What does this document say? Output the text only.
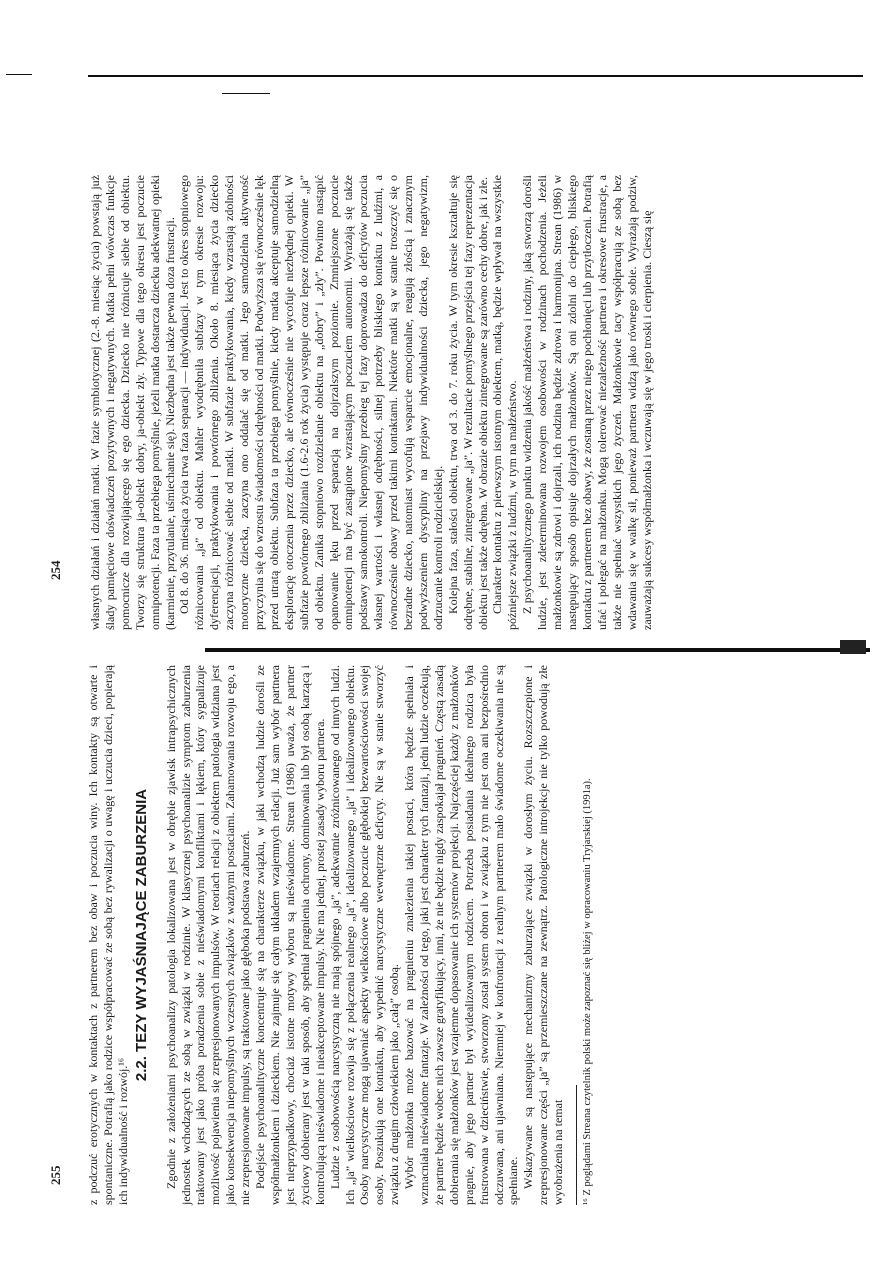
własnych działań i działań matki. W fazie symbiotycznej (2.-8. miesiąc życia) powstają już ślady pamięciowe doświadczeń pozytywnych i negatywnych. Matka pełni wówczas funkcje pomocnicze dla rozwijającego się ego dziecka. Dziecko nie różnicuje siebie od obiektu. Tworzy się struktura ja-obiekt dobry, ja-obiekt zły. Typowe dla tego okresu jest poczucie omnipotencji. Faza ta przebiega pomyślnie, jeżeli matka dostarcza dziecku adekwatnej opieki (karmienie, przytulanie, uśmiechanie się). Niezbędna jest także pewna doza frustracji. Od 8. do 36. miesiąca życia trwa faza separacji — indywiduacji. Jest to okres stopniowego różnicowania „ja” od obiektu. Mahler wyodrębniła subfazy w tym okresie rozwoju: dyferencjacji, praktykowania i powtórnego zbliżenia. Około 8. miesiąca życia dziecko zaczyna różnicować siebie od matki. W subfazie praktykowania, kiedy wzrastają zdolności motoryczne dziecka, zaczyna ono oddalać się od matki. Jego samodzielna aktywność przyczynia się do wzrostu świadomości odrębności od matki. Podwyższa się równocześnie lęk przed utratą obiektu. Subfaza ta przebiega pomyślnie, kiedy matka akceptuje samodzielną eksplorację otoczenia przez dziecko, ale równocześnie nie wycofuje niezbędnej opieki. W subfazie powtórnego zbliżania (1.6-2.6 rok życia) występuje coraz lepsze różnicowanie „ja” od obiektu. Zanika stopniowo rozdzielanie obiektu na „dobry” i „zły”. Powinno nastąpić opanowanie lęku przed separacją na dojrzalszym poziomie. Zmniejszone poczucie omnipotencji ma być zastąpione wzrastającym poczuciem autonomii. Wyrażają się także podstawy samokontroli. Niepomyślny przebieg tej fazy doprowadza do deficytów poczucia własnej wartości i własnej odrębności, silnej potrzeby bliskiego kontaktu z ludźmi, a równocześnie obawy przed takimi kontaktami. Niektóre matki są w stanie troszczyć się o bezradne dziecko, natomiast wycofują wsparcie emocjonalne, reagują złością i znacznym podwyższeniem dyscypliny na przejawy indywidualności dziecka, jego negatywizm, odrzucanie kontroli rodzicielskiej. Kolejna faza, stałości obiektu, trwa od 3. do 7. roku życia. W tym okresie kształtuje się odrębne, stabilne, zintegrowane „ja”. W rezultacie pomyślnego przejścia tej fazy reprezentacja obiektu jest także odrębna. W obrazie obiektu zintegrowane są zarówno cechy dobre, jak i złe. Charakter kontaktu z pierwszym istotnym obiektem, matką, będzie wpływał na wszystkie późniejsze związki z ludźmi, w tym na małżeństwo. Z psychoanalitycznego punktu widzenia jakość małżeństwa i rodziny, jaką stworzą dorośli ludzie, jest zdeterminowana rozwojem osobowości w rodzinach pochodzenia. Jeżeli małżonkowie są zdrowi i dojrzali, ich rodzina będzie zdrowa i harmonijna. Strean (1986) w następujący sposób opisuje dojrzałych małżonków. Są oni zdolni do ciepłego, bliskiego kontaktu z partnerem bez obawy, że zostaną przez niego pochłonięci lub przytłoczeni. Potrafią ufać i polegać na małżonku. Mogą tolerować niezależność partnera i okresowe frustracje, a także nie spełniać wszystkich jego życzeń. Małżonkowie tacy współpracują ze sobą bez wdawania się w walkę sił, ponieważ partnera widzą jako równego sobie. Wyrażają podziw, zauważają sukcesy współmałżonka i wczuwają się w jego troski i cierpienia. Cieszą się

254

z podczuć erotycznych w kontaktach z partnerem bez obaw i poczucia winy. Ich kontakty są otwarte i spontaniczne. Potrafią jako rodzice współpracować ze sobą bez rywalizacji o uwagę i uczucia dzieci, popierają ich indywidualność i rozwój.¹⁶

2.2. TEZY WYJAŚNIAJĄCE ZABURZENIA Zgodnie z założeniami psychoanalizy patologia lokalizowana jest w obrębie zjawisk intrapsychicznych jednostek wchodzących ze sobą w związki w rodzinie. W klasycznej psychoanalizie symptom zaburzenia traktowany jest jako próba poradzenia sobie z nieświadomymi konfliktami i lękiem, który sygnalizuje możliwość pojawienia się zrepresjonowanych impulsów. W teoriach relacji z obiektem patologia widziana jest jako konsekwencja niepomyślnych wczesnych związków z ważnymi postaciami. Zahamowania rozwoju ego, a nie zrepresjonowane impulsy, są traktowane jako głęboka podstawa zaburzeń. Podejście psychoanalityczne koncentruje się na charakterze związku, w jaki wchodzą ludzie dorośli ze współmałżonkiem i dzieckiem. Nie zajmuje się całym układem wzajemnych relacji. Już sam wybór partnera jest nieprzypadkowy, chociaż istotne motywy wyboru są nieświadome. Strean (1986) uważa, że partner życiowy dobierany jest w taki sposób, aby spełniał pragnienia ochrony, dominowania lub był osobą karzącą i kontrolującą nieświadome i nieakceptowane impulsy. Nie ma jednej, prostej zasady wyboru partnera. Ludzie z osobowością narcystyczną nie mają spójnego „ja”, adekwatnie zróżnicowanego od innych ludzi. Ich „ja” wielkościowe rozwija się z połączenia realnego „ja”, idealizowanego „ja” i idealizowanego obiektu. Osoby narcystyczne mogą ujawniać aspekty wielkościowe albo poczucie głębokiej bezwartościowości swojej osoby. Poszukują one kontaktu, aby wypełnić narcystyczne wewnętrzne deficyty. Nie są w stanie stworzyć związku z drugim człowiekiem jako „całą” osobą. Wybór małżonka może bazować na pragnieniu znalezienia takiej postaci, która będzie spełniała i wzmacniała nieświadome fantazje. W zależności od tego, jaki jest charakter tych fantazji, jedni ludzie oczekują, że partner będzie wobec nich zawsze gratyfikujący, inni, że nie będzie nigdy zaspokajał pragnień. Częstą zasadą dobierania się małżonków jest wzajemne dopasowanie ich systemów projekcji. Najczęściej każdy z małżonków pragnie, aby jego partner był wyidealizowanym rodzicem. Potrzeba posiadania idealnego rodzica była frustrowana w dzieciństwie, stworzony został system obron i w związku z tym nie jest ona ani bezpośrednio odczuwana, ani ujawniana. Niemniej w konfrontacji z realnym partnerem mało świadome oczekiwania nie są spełniane. Wskazywane są następujące mechanizmy zaburzające związki w dorosłym życiu. Rozszczepione i zrepresjonowane części „ja” są przemieszczane na zewnątrz. Patologiczne introjekcje nie tylko powodują złe wyobrażenia na temat ¹⁶ Z poglądami Streana czytelnik polski może zapoznać się bliżej w opracowaniu Tryjarskiej (1991a).

255
